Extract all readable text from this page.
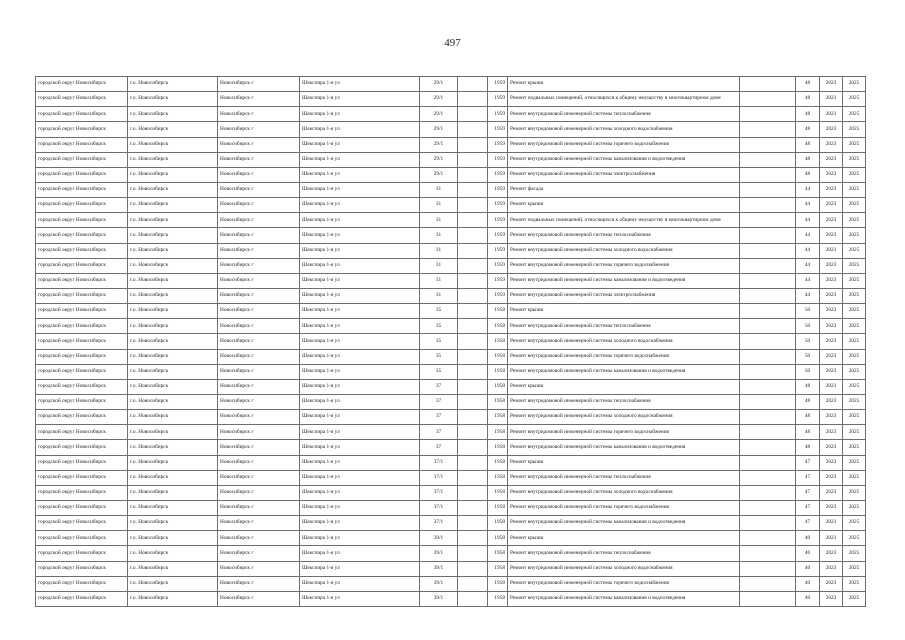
497
городской округ Новосибирск	г.о. Новосибирск	Новосибирск г	Шекспира 1-я ул	29/1		1959	Ремонт крыши		48	2023	2025
городской округ Новосибирск	г.о. Новосибирск	Новосибирск г	Шекспира 1-я ул	29/1		1959	Ремонт подвальных помещений, относящихся к общему имуществу в многоквартирном доме		48	2023	2025
городской округ Новосибирск	г.о. Новосибирск	Новосибирск г	Шекспира 1-я ул	29/1		1959	Ремонт внутридомовой инженерной системы теплоснабжения		48	2023	2025
городской округ Новосибирск	г.о. Новосибирск	Новосибирск г	Шекспира 1-я ул	29/1		1959	Ремонт внутридомовой инженерной системы холодного водоснабжения		48	2023	2025
городской округ Новосибирск	г.о. Новосибирск	Новосибирск г	Шекспира 1-я ул	29/1		1959	Ремонт внутридомовой инженерной системы горячего водоснабжения		48	2023	2025
городской округ Новосибирск	г.о. Новосибирск	Новосибирск г	Шекспира 1-я ул	29/1		1959	Ремонт внутридомовой инженерной системы канализования и водоотведения		48	2023	2025
городской округ Новосибирск	г.о. Новосибирск	Новосибирск г	Шекспира 1-я ул	29/1		1959	Ремонт внутридомовой инженерной системы электроснабжения		48	2023	2025
городской округ Новосибирск	г.о. Новосибирск	Новосибирск г	Шекспира 1-я ул	31		1959	Ремонт фасада		44	2023	2025
городской округ Новосибирск	г.о. Новосибирск	Новосибирск г	Шекспира 1-я ул	31		1959	Ремонт крыши		44	2023	2025
городской округ Новосибирск	г.о. Новосибирск	Новосибирск г	Шекспира 1-я ул	31		1959	Ремонт подвальных помещений, относящихся к общему имуществу в многоквартирном доме		44	2023	2025
городской округ Новосибирск	г.о. Новосибирск	Новосибирск г	Шекспира 1-я ул	31		1959	Ремонт внутридомовой инженерной системы теплоснабжения		44	2023	2025
городской округ Новосибирск	г.о. Новосибирск	Новосибирск г	Шекспира 1-я ул	31		1959	Ремонт внутридомовой инженерной системы холодного водоснабжения		44	2023	2025
городской округ Новосибирск	г.о. Новосибирск	Новосибирск г	Шекспира 1-я ул	31		1959	Ремонт внутридомовой инженерной системы горячего водоснабжения		44	2023	2025
городской округ Новосибирск	г.о. Новосибирск	Новосибирск г	Шекспира 1-я ул	31		1959	Ремонт внутридомовой инженерной системы канализования и водоотведения		44	2023	2025
городской округ Новосибирск	г.о. Новосибирск	Новосибирск г	Шекспира 1-я ул	31		1959	Ремонт внутридомовой инженерной системы электроснабжения		44	2023	2025
городской округ Новосибирск	г.о. Новосибирск	Новосибирск г	Шекспира 1-я ул	35		1958	Ремонт крыши		50	2023	2025
городской округ Новосибирск	г.о. Новосибирск	Новосибирск г	Шекспира 1-я ул	35		1958	Ремонт внутридомовой инженерной системы теплоснабжения		50	2023	2025
городской округ Новосибирск	г.о. Новосибирск	Новосибирск г	Шекспира 1-я ул	35		1958	Ремонт внутридомовой инженерной системы холодного водоснабжения		50	2023	2025
городской округ Новосибирск	г.о. Новосибирск	Новосибирск г	Шекспира 1-я ул	35		1958	Ремонт внутридомовой инженерной системы горячего водоснабжения		50	2023	2025
городской округ Новосибирск	г.о. Новосибирск	Новосибирск г	Шекспира 1-я ул	35		1958	Ремонт внутридомовой инженерной системы канализования и водоотведения		50	2023	2025
городской округ Новосибирск	г.о. Новосибирск	Новосибирск г	Шекспира 1-я ул	37		1958	Ремонт крыши		48	2023	2025
городской округ Новосибирск	г.о. Новосибирск	Новосибирск г	Шекспира 1-я ул	37		1958	Ремонт внутридомовой инженерной системы теплоснабжения		48	2023	2025
городской округ Новосибирск	г.о. Новосибирск	Новосибирск г	Шекспира 1-я ул	37		1958	Ремонт внутридомовой инженерной системы холодного водоснабжения		48	2023	2025
городской округ Новосибирск	г.о. Новосибирск	Новосибирск г	Шекспира 1-я ул	37		1958	Ремонт внутридомовой инженерной системы горячего водоснабжения		48	2023	2025
городской округ Новосибирск	г.о. Новосибирск	Новосибирск г	Шекспира 1-я ул	37		1958	Ремонт внутридомовой инженерной системы канализования и водоотведения		48	2023	2025
городской округ Новосибирск	г.о. Новосибирск	Новосибирск г	Шекспира 1-я ул	37/1		1958	Ремонт крыши		47	2023	2025
городской округ Новосибирск	г.о. Новосибирск	Новосибирск г	Шекспира 1-я ул	37/1		1958	Ремонт внутридомовой инженерной системы теплоснабжения		47	2023	2025
городской округ Новосибирск	г.о. Новосибирск	Новосибирск г	Шекспира 1-я ул	37/1		1958	Ремонт внутридомовой инженерной системы холодного водоснабжения		47	2023	2025
городской округ Новосибирск	г.о. Новосибирск	Новосибирск г	Шекспира 1-я ул	37/1		1958	Ремонт внутридомовой инженерной системы горячего водоснабжения		47	2023	2025
городской округ Новосибирск	г.о. Новосибирск	Новосибирск г	Шекспира 1-я ул	37/1		1958	Ремонт внутридомовой инженерной системы канализования и водоотведения		47	2023	2025
городской округ Новосибирск	г.о. Новосибирск	Новосибирск г	Шекспира 1-я ул	39/1		1958	Ремонт крыши		40	2023	2025
городской округ Новосибирск	г.о. Новосибирск	Новосибирск г	Шекспира 1-я ул	39/1		1958	Ремонт внутридомовой инженерной системы теплоснабжения		40	2023	2025
городской округ Новосибирск	г.о. Новосибирск	Новосибирск г	Шекспира 1-я ул	39/1		1958	Ремонт внутридомовой инженерной системы холодного водоснабжения		40	2023	2025
городской округ Новосибирск	г.о. Новосибирск	Новосибирск г	Шекспира 1-я ул	39/1		1958	Ремонт внутридомовой инженерной системы горячего водоснабжения		40	2023	2025
городской округ Новосибирск	г.о. Новосибирск	Новосибирск г	Шекспира 1-я ул	39/1		1958	Ремонт внутридомовой инженерной системы канализования и водоотведения		40	2023	2025
